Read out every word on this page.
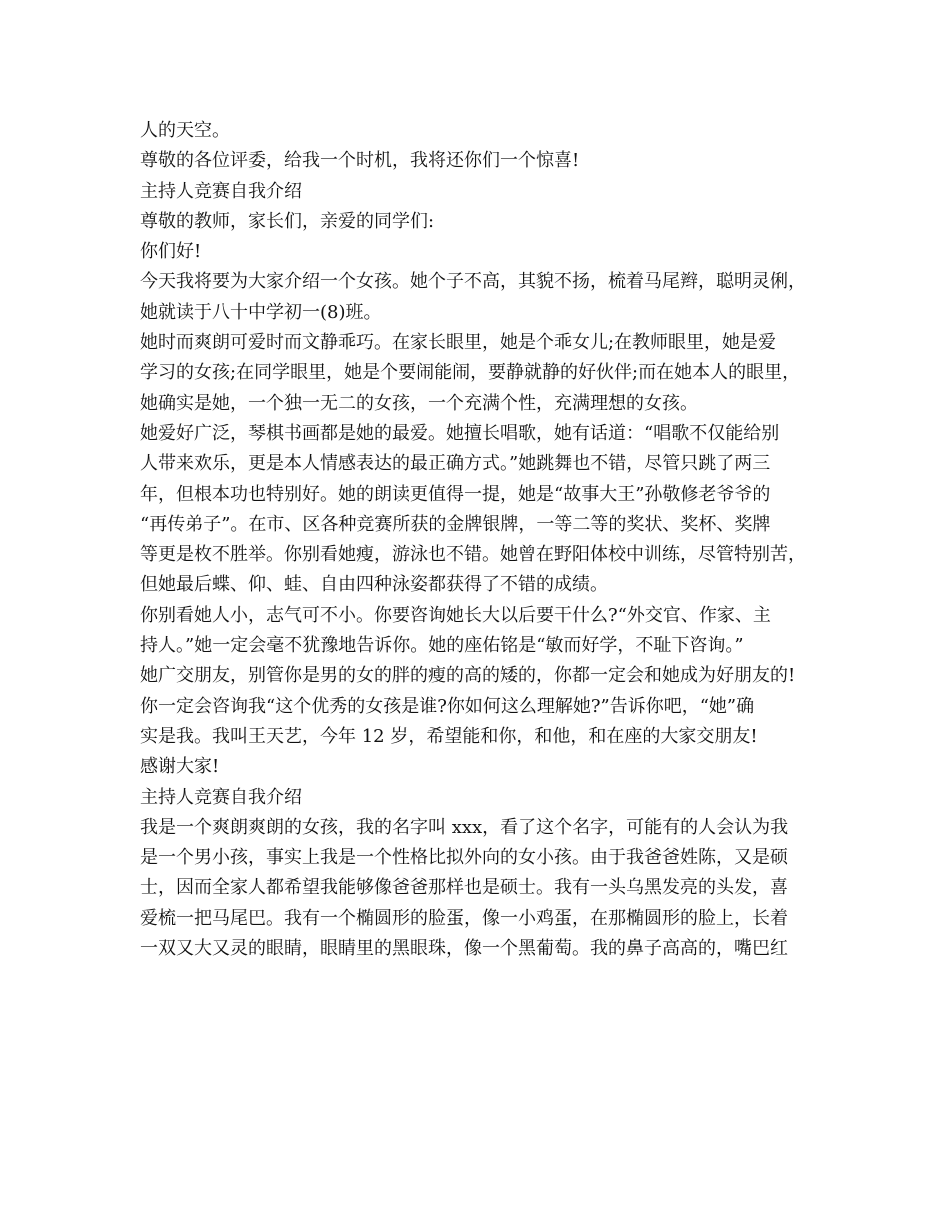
人的天空。
尊敬的各位评委，给我一个时机，我将还你们一个惊喜!
主持人竞赛自我介绍
尊敬的教师，家长们，亲爱的同学们:
你们好!
今天我将要为大家介绍一个女孩。她个子不高，其貌不扬，梳着马尾辫，聪明灵俐，
她就读于八十中学初一(8)班。
她时而爽朗可爱时而文静乖巧。在家长眼里，她是个乖女儿;在教师眼里，她是爱
学习的女孩;在同学眼里，她是个要闹能闹，要静就静的好伙伴;而在她本人的眼里，
她确实是她，一个独一无二的女孩，一个充满个性，充满理想的女孩。
她爱好广泛，琴棋书画都是她的最爱。她擅长唱歌，她有话道：“唱歌不仅能给别
人带来欢乐，更是本人情感表达的最正确方式。”她跳舞也不错，尽管只跳了两三
年，但根本功也特别好。她的朗读更值得一提，她是“故事大王”孙敬修老爷爷的
“再传弟子”。在市、区各种竞赛所获的金牌银牌，一等二等的奖状、奖杯、奖牌
等更是枚不胜举。你别看她瘦，游泳也不错。她曾在野阳体校中训练，尽管特别苦，
但她最后蝶、仰、蛙、自由四种泳姿都获得了不错的成绩。
你别看她人小，志气可不小。你要咨询她长大以后要干什么?“外交官、作家、主
持人。”她一定会毫不犹豫地告诉你。她的座佑铭是“敏而好学，不耻下咨询。”
她广交朋友，别管你是男的女的胖的瘦的高的矮的，你都一定会和她成为好朋友的!
你一定会咨询我“这个优秀的女孩是谁?你如何这么理解她?”告诉你吧，“她”确
实是我。我叫王天艺，今年 12 岁，希望能和你，和他，和在座的大家交朋友!
感谢大家!
主持人竞赛自我介绍
我是一个爽朗爽朗的女孩，我的名字叫 xxx，看了这个名字，可能有的人会认为我
是一个男小孩，事实上我是一个性格比拟外向的女小孩。由于我爸爸姓陈，又是硕
士，因而全家人都希望我能够像爸爸那样也是硕士。我有一头乌黑发亮的头发，喜
爱梳一把马尾巴。我有一个椭圆形的脸蛋，像一小鸡蛋，在那椭圆形的脸上，长着
一双又大又灵的眼睛，眼睛里的黑眼珠，像一个黑葡萄。我的鼻子高高的，嘴巴红
